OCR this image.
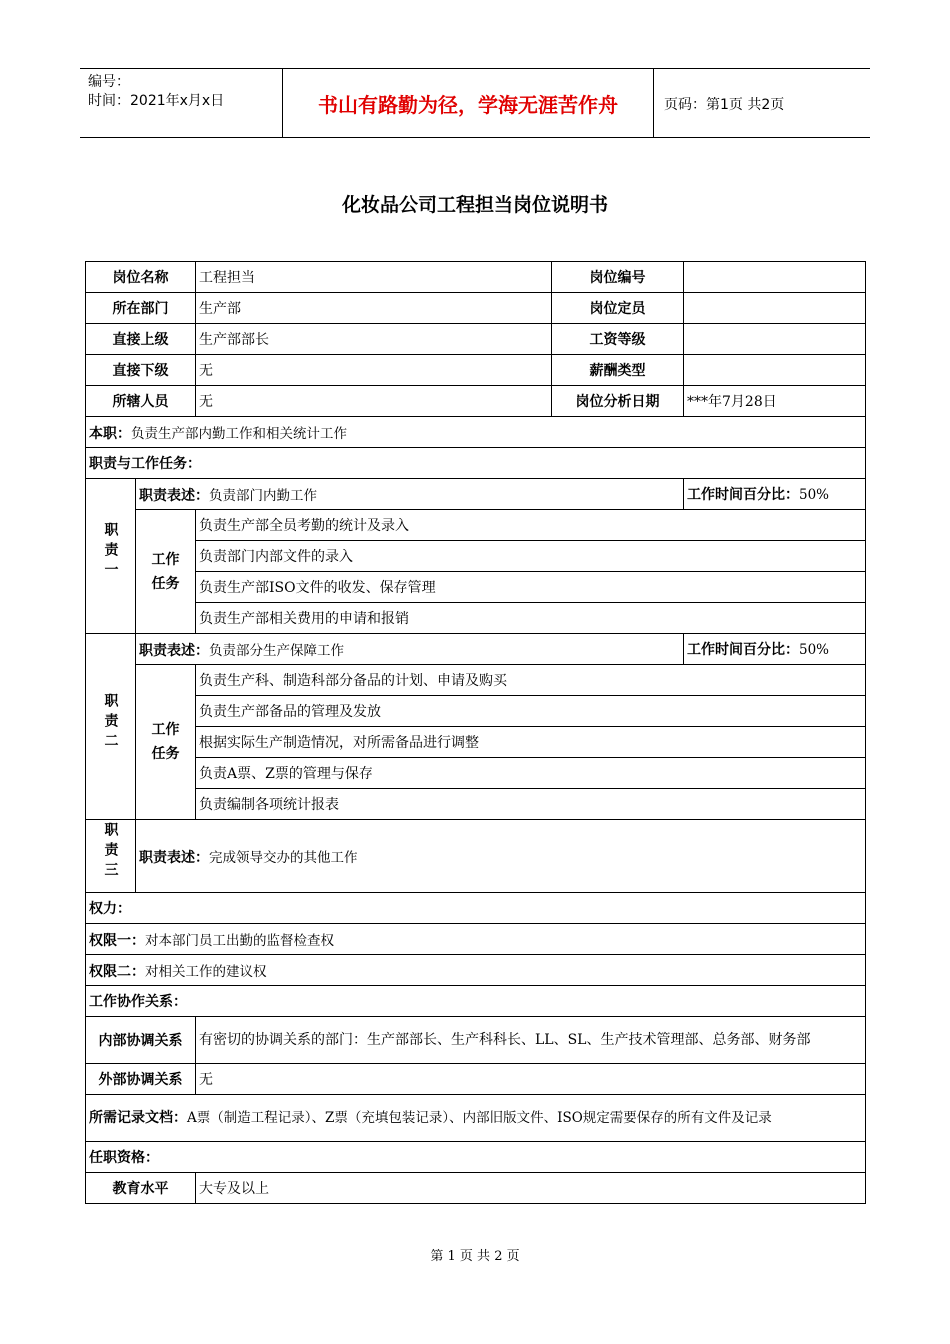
编号：
时间：2021年x月x日	书山有路勤为径，学海无涯苦作舟	页码：第1页 共2页
化妆品公司工程担当岗位说明书
岗位名称		工程担当	岗位编号	
所在部门		生产部	岗位定员	
直接上级		生产部部长	工资等级	
直接下级		无	薪酬类型	
所辖人员		无	岗位分析日期	***年7月28日
本职：负责生产部内勤工作和相关统计工作				
职责与工作任务：				
职责一	职责表述：负责部门内勤工作			工作时间百分比：50%
	工作任务	负责生产部全员考勤的统计及录入		
		负责部门内部文件的录入		
		负责生产部ISO文件的收发、保存管理		
		负责生产部相关费用的申请和报销		
职责二	职责表述：负责部分生产保障工作			工作时间百分比：50%
	工作任务	负责生产科、制造科部分备品的计划、申请及购买		
		负责生产部备品的管理及发放		
		根据实际生产制造情况，对所需备品进行调整		
		负责A票、Z票的管理与保存		
		负责编制各项统计报表		
职责三	职责表述：完成领导交办的其他工作			
权力：				
权限一：对本部门员工出勤的监督检查权				
权限二：对相关工作的建议权				
工作协作关系：				
内部协调关系		有密切的协调关系的部门：生产部部长、生产科科长、LL、SL、生产技术管理部、总务部、财务部		
外部协调关系		无		
所需记录文档：A票（制造工程记录）、Z票（充填包装记录）、内部旧版文件、ISO规定需要保存的所有文件及记录				
任职资格：				
教育水平		大专及以上		
第 1 页 共 2 页
